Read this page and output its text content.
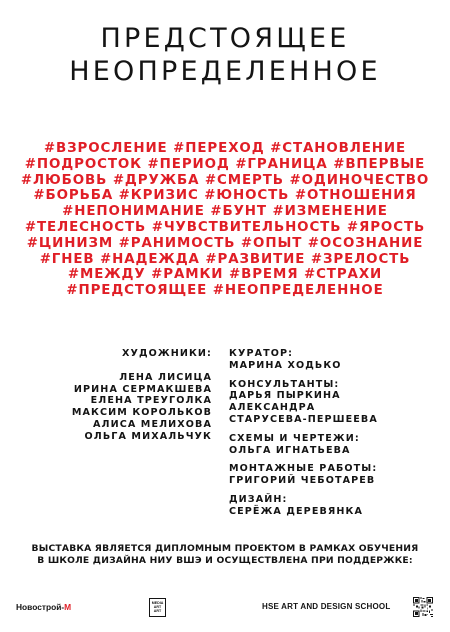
ПРЕДСТОЯЩЕЕ
НЕОПРЕДЕЛЕННОЕ
#ВЗРОСЛЕНИЕ #ПЕРЕХОД #СТАНОВЛЕНИЕ
#ПОДРОСТОК #ПЕРИОД #ГРАНИЦА #ВПЕРВЫЕ
#ЛЮБОВЬ #ДРУЖБА #СМЕРТЬ #ОДИНОЧЕСТВО
#БОРЬБА #КРИЗИС #ЮНОСТЬ #ОТНОШЕНИЯ
#НЕПОНИМАНИЕ #БУНТ #ИЗМЕНЕНИЕ
#ТЕЛЕСНОСТЬ #ЧУВСТВИТЕЛЬНОСТЬ #ЯРОСТЬ
#ЦИНИЗМ #РАНИМОСТЬ #ОПЫТ #ОСОЗНАНИЕ
#ГНЕВ #НАДЕЖДА #РАЗВИТИЕ #ЗРЕЛОСТЬ
#МЕЖДУ #РАМКИ #ВРЕМЯ #СТРАХИ
#ПРЕДСТОЯЩЕЕ #НЕОПРЕДЕЛЕННОЕ
ХУДОЖНИКИ:
ЛЕНА ЛИСИЦА
ИРИНА СЕРМАКШЕВА
ЕЛЕНА ТРЕУГОЛКА
МАКСИМ КОРОЛЬКОВ
АЛИСА МЕЛИХОВА
ОЛЬГА МИХАЛЬЧУК
КУРАТОР:
МАРИНА ХОДЬКО
КОНСУЛЬТАНТЫ:
ДАРЬЯ ПЫРКИНА
АЛЕКСАНДРА
СТАРУСЕВА-ПЕРШЕЕВА
СХЕМЫ И ЧЕРТЕЖИ:
ОЛЬГА ИГНАТЬЕВА
МОНТАЖНЫЕ РАБОТЫ:
ГРИГОРИЙ ЧЕБОТАРЕВ
ДИЗАЙН:
СЕРЁЖА ДЕРЕВЯНКА
ВЫСТАВКА ЯВЛЯЕТСЯ ДИПЛОМНЫМ ПРОЕКТОМ В РАМКАХ ОБУЧЕНИЯ
В ШКОЛЕ ДИЗАЙНА НИУ ВШЭ И ОСУЩЕСТВЛЕНА ПРИ ПОДДЕРЖКЕ:
Новострой-М	MEDIA
ART
ART
HSE ART AND DESIGN SCHOOL
